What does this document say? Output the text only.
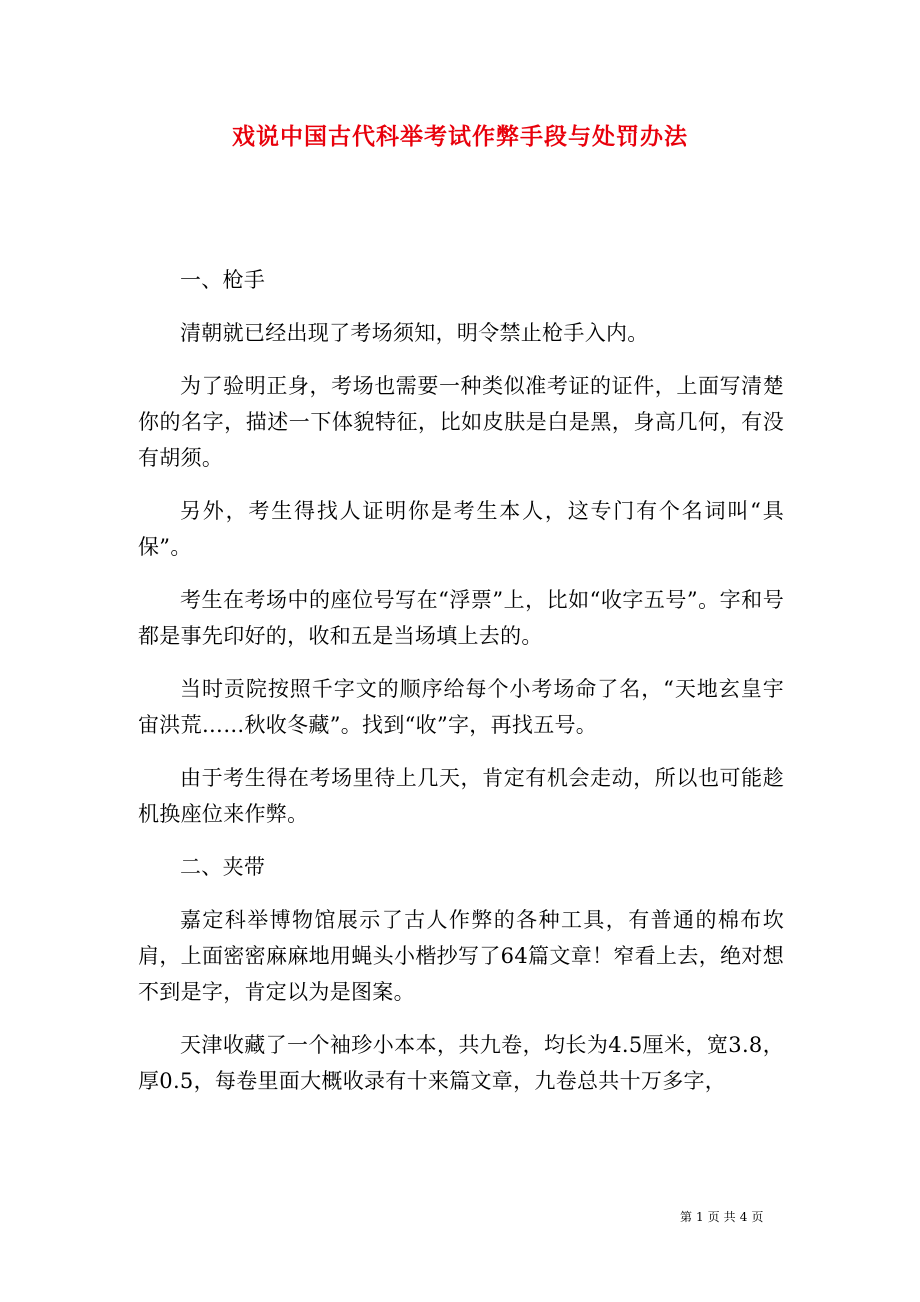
戏说中国古代科举考试作弊手段与处罚办法

一、枪手

清朝就已经出现了考场须知，明令禁止枪手入内。

为了验明正身，考场也需要一种类似准考证的证件，上面写清楚你的名字，描述一下体貌特征，比如皮肤是白是黑，身高几何，有没有胡须。

另外，考生得找人证明你是考生本人，这专门有个名词叫“具保”。

考生在考场中的座位号写在“浮票”上，比如“收字五号”。字和号都是事先印好的，收和五是当场填上去的。

当时贡院按照千字文的顺序给每个小考场命了名，“天地玄皇宇宙洪荒……秋收冬藏”。找到“收”字，再找五号。

由于考生得在考场里待上几天，肯定有机会走动，所以也可能趁机换座位来作弊。

二、夹带

嘉定科举博物馆展示了古人作弊的各种工具，有普通的棉布坎肩，上面密密麻麻地用蝇头小楷抄写了64篇文章！窄看上去，绝对想不到是字，肯定以为是图案。

天津收藏了一个袖珍小本本，共九卷，均长为4.5厘米，宽3.8，厚0.5，每卷里面大概收录有十来篇文章，九卷总共十万多字，

第 1 页 共 4 页
